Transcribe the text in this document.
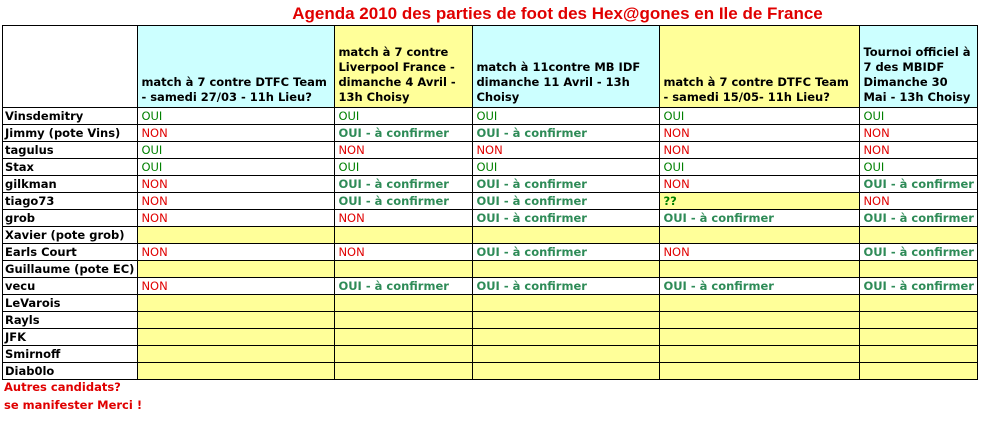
Agenda 2010 des parties de foot des Hex@gones en Ile de France
	match à 7 contre DTFC Team - samedi 27/03 - 11h Lieu?	match à 7 contre Liverpool France - dimanche 4 Avril - 13h Choisy	match à 11contre MB IDF dimanche 11 Avril - 13h Choisy	match à 7 contre DTFC Team - samedi 15/05- 11h Lieu?	Tournoi officiel à 7 des MBIDF Dimanche 30 Mai - 13h Choisy
Vinsdemitry	OUI	OUI	OUI	OUI	OUI
Jimmy (pote Vins)	NON	OUI - à confirmer	OUI - à confirmer	NON	NON
tagulus	OUI	NON	NON	NON	NON
Stax	OUI	OUI	OUI	OUI	OUI
gilkman	NON	OUI - à confirmer	OUI - à confirmer	NON	OUI - à confirmer
tiago73	NON	OUI - à confirmer	OUI - à confirmer	??	NON
grob	NON	NON	OUI - à confirmer	OUI - à confirmer	OUI - à confirmer
Xavier (pote grob)					
Earls Court	NON	NON	OUI - à confirmer	NON	OUI - à confirmer
Guillaume (pote EC)					
vecu	NON	OUI - à confirmer	OUI - à confirmer	OUI - à confirmer	OUI - à confirmer
LeVarois					
Rayls					
JFK					
Smirnoff					
Diab0lo					
Autres candidats?
se manifester Merci !
